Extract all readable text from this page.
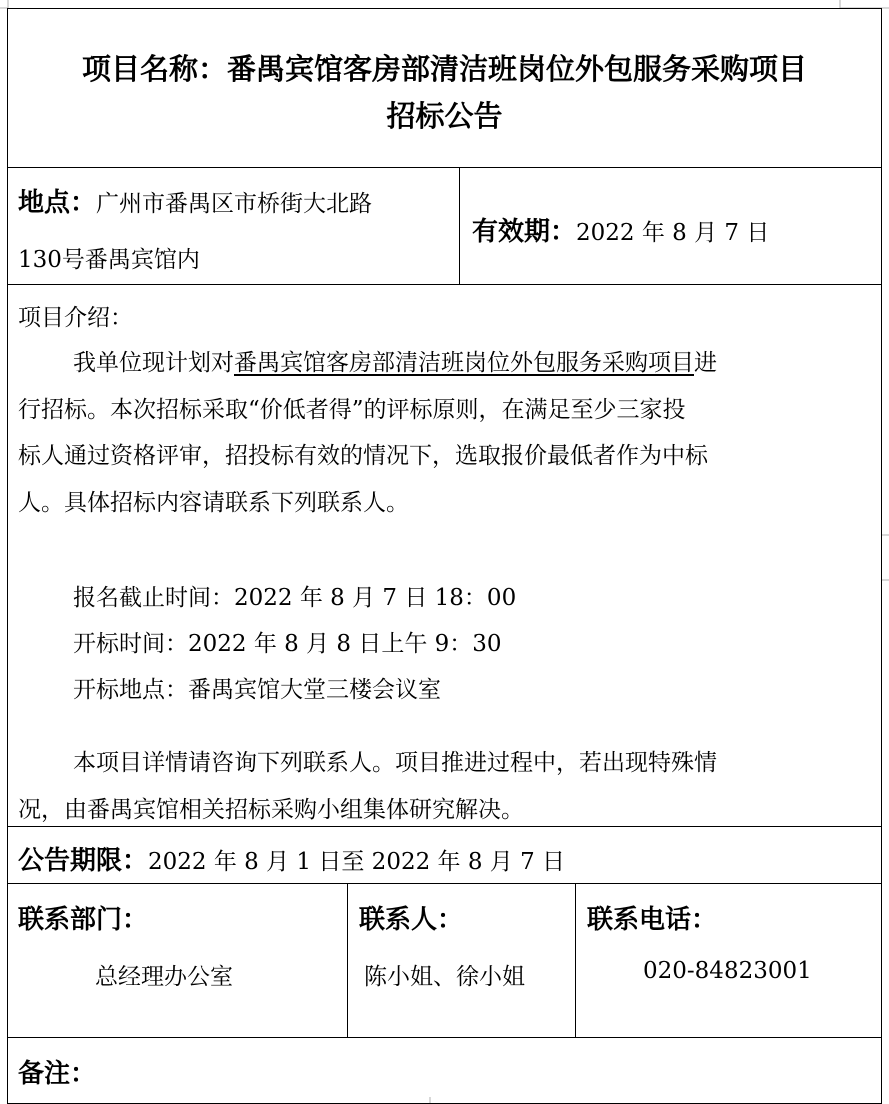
项目名称：番禺宾馆客房部清洁班岗位外包服务采购项目
招标公告
地点：广州市番禺区市桥街大北路
130号番禺宾馆内
有效期：2022 年 8 月 7 日
项目介绍：
我单位现计划对番禺宾馆客房部清洁班岗位外包服务采购项目进
行招标。本次招标采取“价低者得”的评标原则，在满足至少三家投
标人通过资格评审，招投标有效的情况下，选取报价最低者作为中标
人。具体招标内容请联系下列联系人。
报名截止时间：2022 年 8 月 7 日 18：00
开标时间：2022 年 8 月 8 日上午 9：30
开标地点：番禺宾馆大堂三楼会议室
本项目详情请咨询下列联系人。项目推进过程中，若出现特殊情
况，由番禺宾馆相关招标采购小组集体研究解决。
公告期限：2022 年 8 月 1 日至 2022 年 8 月 7 日
联系部门：
总经理办公室
联系人：
陈小姐、徐小姐
联系电话：
020-84823001
备注：
